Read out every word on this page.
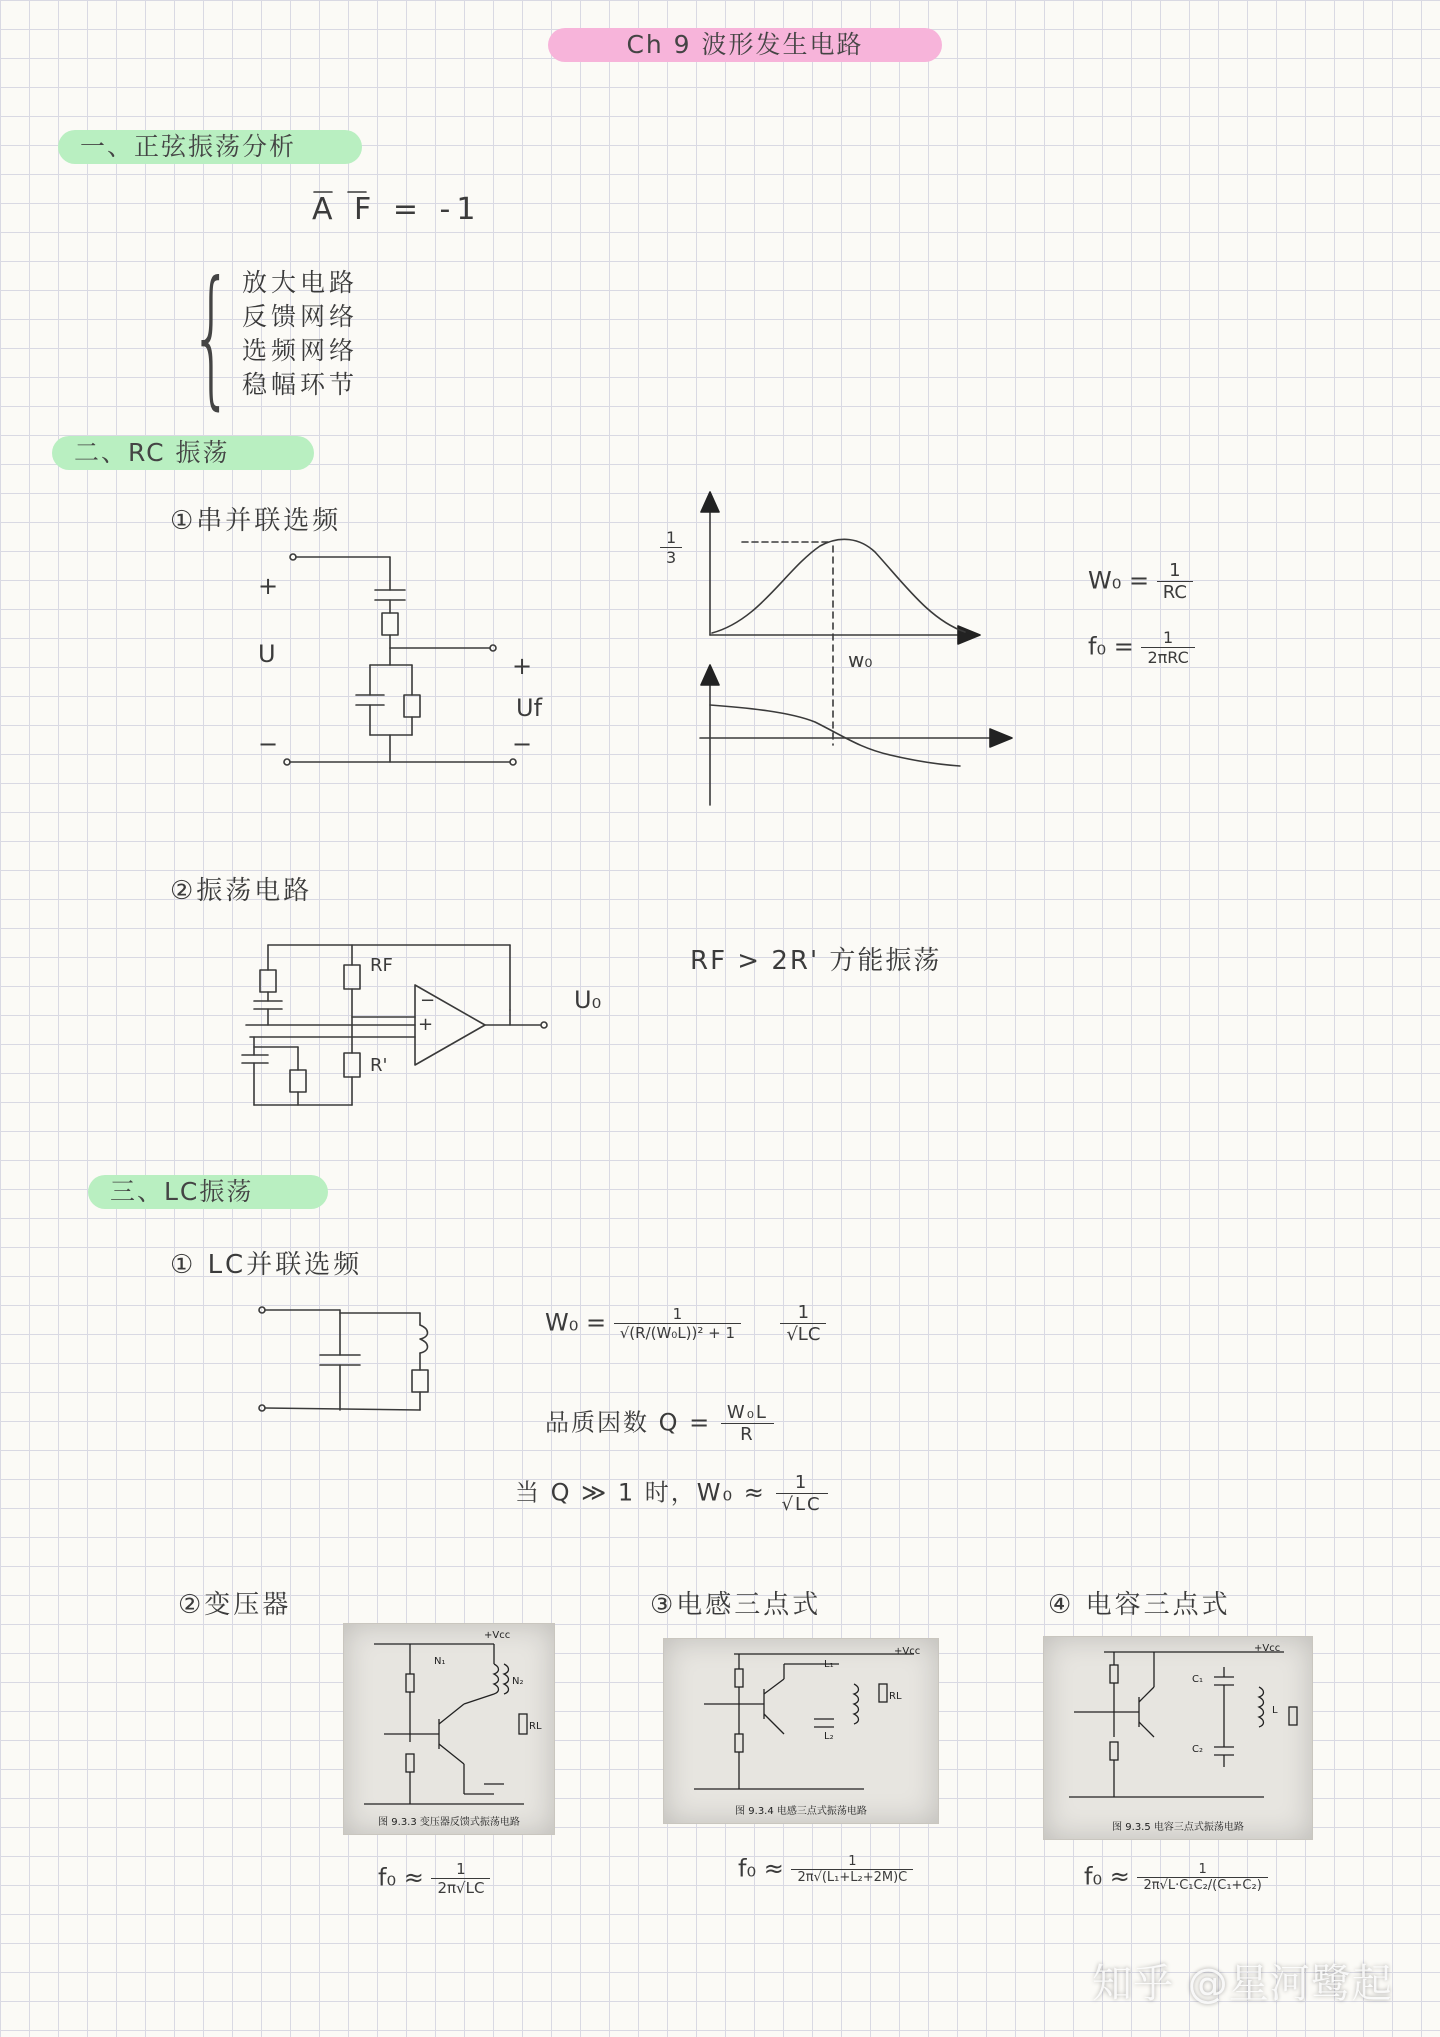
Ch 9 波形发生电路
一、正弦振荡分析
A F = -1
{ 放大电路
反馈网络
选频网络
稳幅环节
二、RC 振荡
①串并联选频
+
U
−
+
Uf
−
$\frac{1}{3}$
w₀
$W_0 = \frac{1}{RC}$
$f_0 = \frac{1}{\text{2πRC}}$
②振荡电路
RF
R'
−
+
U₀
RF > 2R' 方能振荡
三、LC振荡
① LC并联选频
$W_0 = \frac{1}{\text{√(R/(W₀L))² + 1}}$
$\frac{1}{√LC}$
品质因数 $Q = \frac{\text{W₀L}}{R}$
当 Q ≫ 1 时，$W_0 \approx \frac{1}{√LC}$
②变压器
+Vcc
N₁
N₂
RL
图 9.3.3 变压器反馈式振荡电路
$f_0 \approx \frac{1}{2\pi√LC}$
③电感三点式
+Vcc
L₁
L₂
RL
图 9.3.4 电感三点式振荡电路
$f_0 \approx \frac{1}{\text{2π√(L₁+L₂+2M)C}}$
④ 电容三点式
+Vcc
C₁
C₂
L
图 9.3.5 电容三点式振荡电路
$f_0 \approx \frac{1}{\text{2π√L·C₁C₂/(C₁+C₂)}}$
知乎 @星河鹭起
